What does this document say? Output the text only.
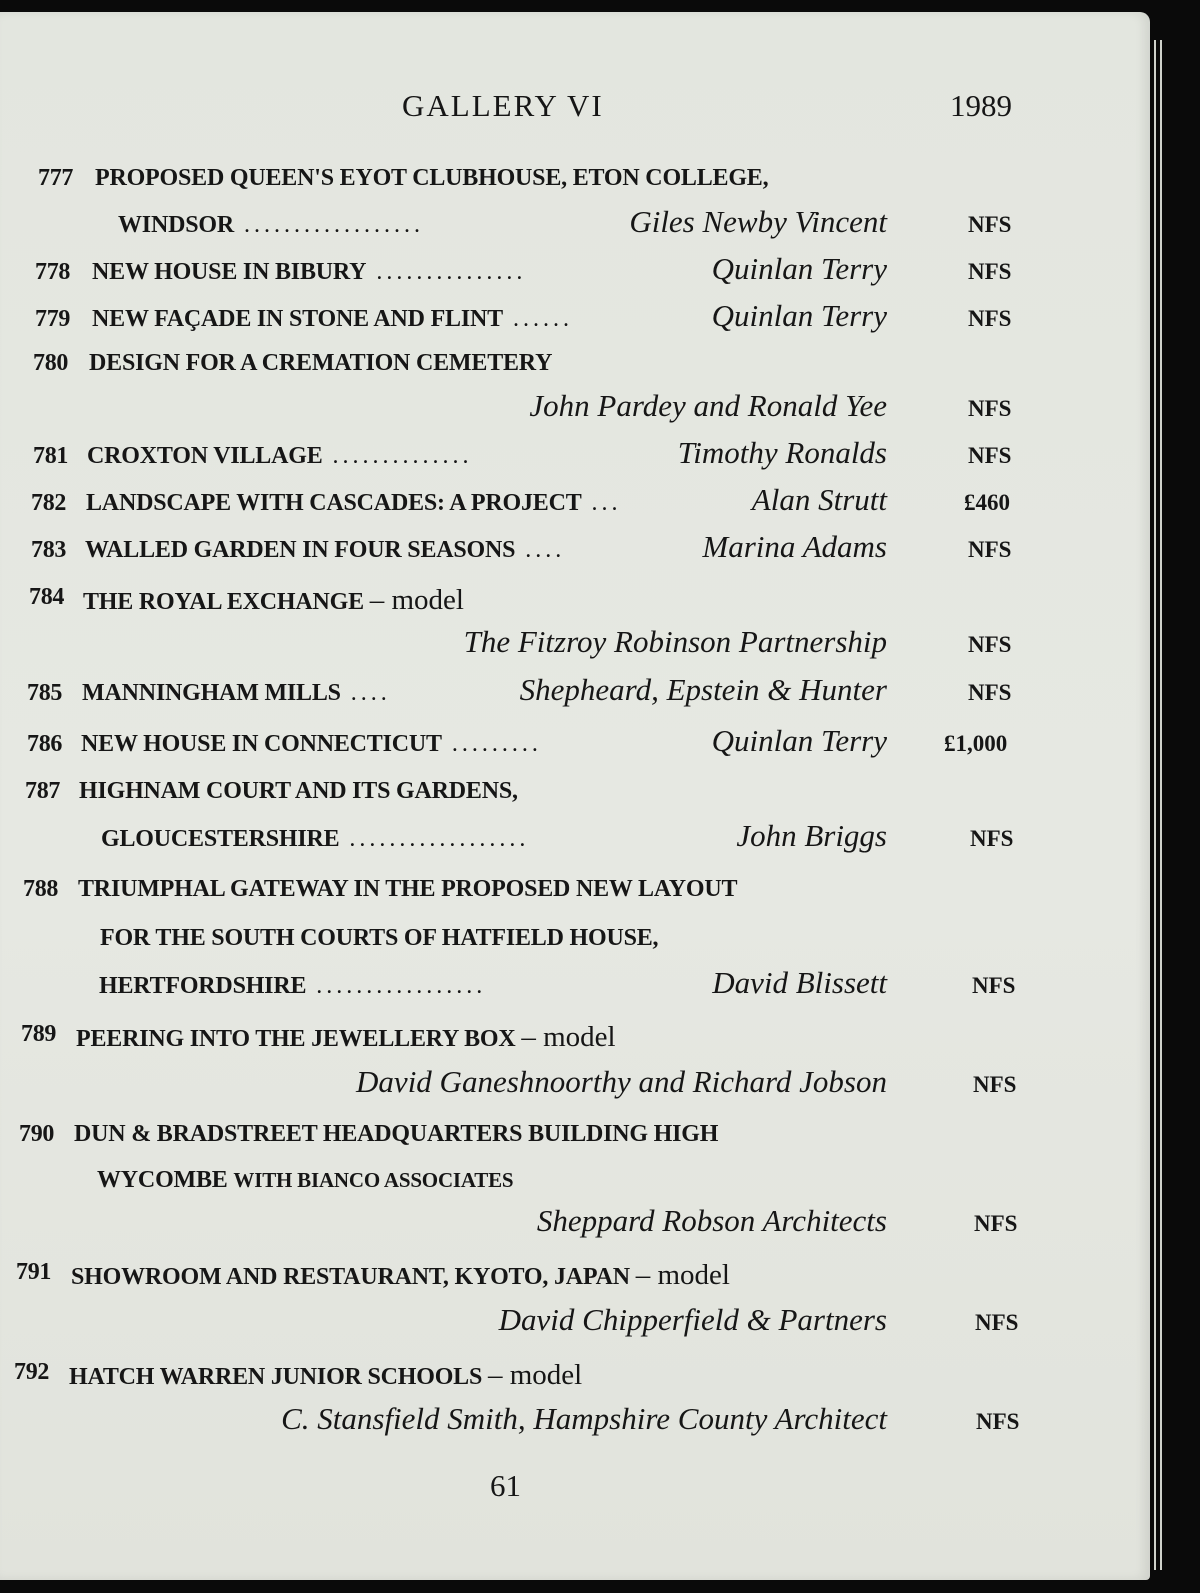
GALLERY VI	1989
777 PROPOSED QUEEN'S EYOT CLUBHOUSE, ETON COLLEGE,
WINDSOR ..................	Giles Newby Vincent	NFS
778 NEW HOUSE IN BIBURY ...............	Quinlan Terry	NFS
779 NEW FAÇADE IN STONE AND FLINT ......	Quinlan Terry	NFS
780 DESIGN FOR A CREMATION CEMETERY
John Pardey and Ronald Yee	NFS
781 CROXTON VILLAGE ..............	Timothy Ronalds	NFS
782 LANDSCAPE WITH CASCADES: A PROJECT ...	Alan Strutt	£460
783 WALLED GARDEN IN FOUR SEASONS ....	Marina Adams	NFS
784 THE ROYAL EXCHANGE – model
The Fitzroy Robinson Partnership	NFS
785 MANNINGHAM MILLS ....	Shepheard, Epstein & Hunter	NFS
786 NEW HOUSE IN CONNECTICUT .........	Quinlan Terry £1,000
787 HIGHNAM COURT AND ITS GARDENS,
GLOUCESTERSHIRE ..................	John Briggs	NFS
788 TRIUMPHAL GATEWAY IN THE PROPOSED NEW LAYOUT
FOR THE SOUTH COURTS OF HATFIELD HOUSE,
HERTFORDSHIRE .................	David Blissett	NFS
789 PEERING INTO THE JEWELLERY BOX – model
David Ganeshnoorthy and Richard Jobson	NFS
790 DUN & BRADSTREET HEADQUARTERS BUILDING HIGH
WYCOMBE WITH BIANCO ASSOCIATES
Sheppard Robson Architects	NFS
791 SHOWROOM AND RESTAURANT, KYOTO, JAPAN – model
David Chipperfield & Partners	NFS
792 HATCH WARREN JUNIOR SCHOOLS – model
C. Stansfield Smith, Hampshire County Architect	NFS
61
